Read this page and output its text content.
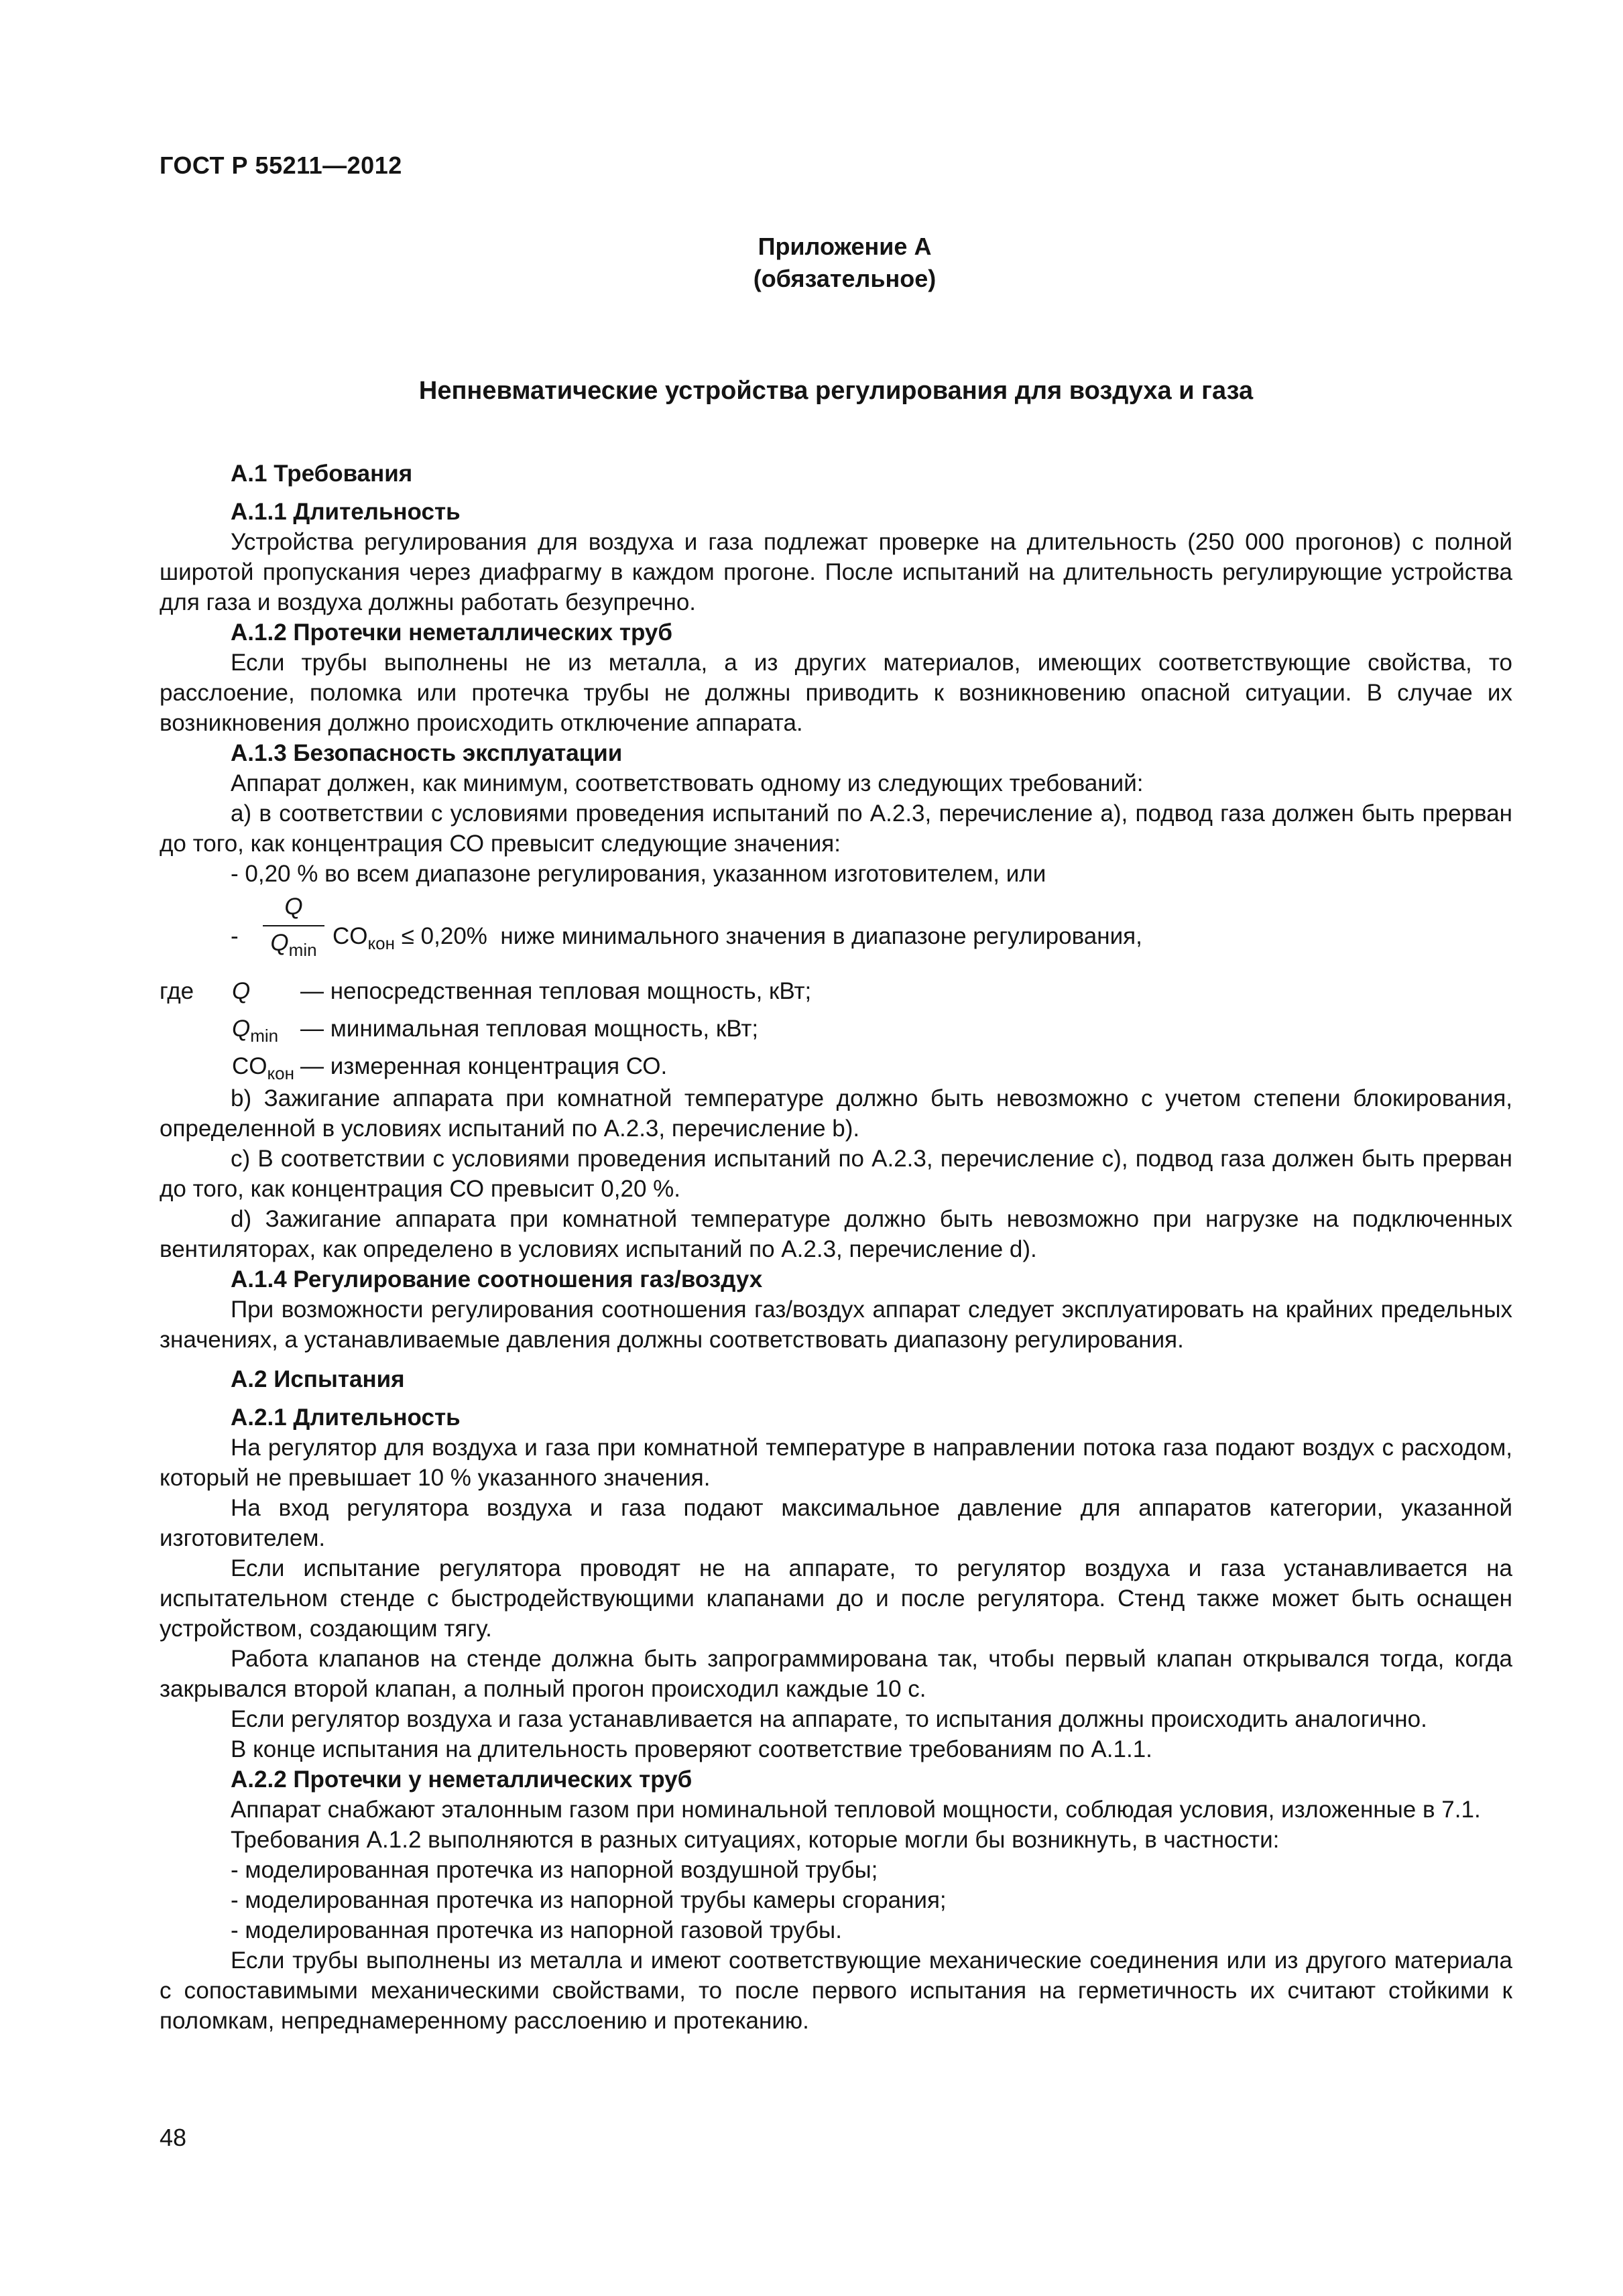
ГОСТ Р 55211—2012
Приложение А
(обязательное)
Непневматические устройства регулирования для воздуха и газа

А.1 Требования

А.1.1 Длительность

Устройства регулирования для воздуха и газа подлежат проверке на длительность (250 000 прогонов) с полной широтой пропускания через диафрагму в каждом прогоне. После испытаний на длительность регулирующие устройства для газа и воздуха должны работать безупречно.

А.1.2 Протечки неметаллических труб

Если трубы выполнены не из металла, а из других материалов, имеющих соответствующие свойства, то расслоение, поломка или протечка трубы не должны приводить к возникновению опасной ситуации. В случае их возникновения должно происходить отключение аппарата.

А.1.3 Безопасность эксплуатации

Аппарат должен, как минимум, соответствовать одному из следующих требований:

а) в соответствии с условиями проведения испытаний по А.2.3, перечисление а), подвод газа должен быть прерван до того, как концентрация СО превысит следующие значения:

- 0,20 % во всем диапазоне регулирования, указанном изготовителем, или

-
Q
$Q_{min}$
$CO_{кон} \le 0,20\%$ ниже минимального значения в диапазоне регулирования,
где Q — непосредственная тепловая мощность, кВт;
$Q_{min}$ — минимальная тепловая мощность, кВт;
$CO_{кон}$ — измеренная концентрация СО.

b) Зажигание аппарата при комнатной температуре должно быть невозможно с учетом степени блокирования, определенной в условиях испытаний по А.2.3, перечисление b).

c) В соответствии с условиями проведения испытаний по А.2.3, перечисление с), подвод газа должен быть прерван до того, как концентрация СО превысит 0,20 %.

d) Зажигание аппарата при комнатной температуре должно быть невозможно при нагрузке на подключенных вентиляторах, как определено в условиях испытаний по А.2.3, перечисление d).

А.1.4 Регулирование соотношения газ/воздух

При возможности регулирования соотношения газ/воздух аппарат следует эксплуатировать на крайних предельных значениях, а устанавливаемые давления должны соответствовать диапазону регулирования.

А.2 Испытания

А.2.1 Длительность

На регулятор для воздуха и газа при комнатной температуре в направлении потока газа подают воздух с расходом, который не превышает 10 % указанного значения.

На вход регулятора воздуха и газа подают максимальное давление для аппаратов категории, указанной изготовителем.

Если испытание регулятора проводят не на аппарате, то регулятор воздуха и газа устанавливается на испытательном стенде с быстродействующими клапанами до и после регулятора. Стенд также может быть оснащен устройством, создающим тягу.

Работа клапанов на стенде должна быть запрограммирована так, чтобы первый клапан открывался тогда, когда закрывался второй клапан, а полный прогон происходил каждые 10 с.

Если регулятор воздуха и газа устанавливается на аппарате, то испытания должны происходить аналогично.

В конце испытания на длительность проверяют соответствие требованиям по А.1.1.

А.2.2 Протечки у неметаллических труб

Аппарат снабжают эталонным газом при номинальной тепловой мощности, соблюдая условия, изложенные в 7.1.

Требования А.1.2 выполняются в разных ситуациях, которые могли бы возникнуть, в частности:

- моделированная протечка из напорной воздушной трубы;

- моделированная протечка из напорной трубы камеры сгорания;

- моделированная протечка из напорной газовой трубы.

Если трубы выполнены из металла и имеют соответствующие механические соединения или из другого материала с сопоставимыми механическими свойствами, то после первого испытания на герметичность их считают стойкими к поломкам, непреднамеренному расслоению и протеканию.

48
